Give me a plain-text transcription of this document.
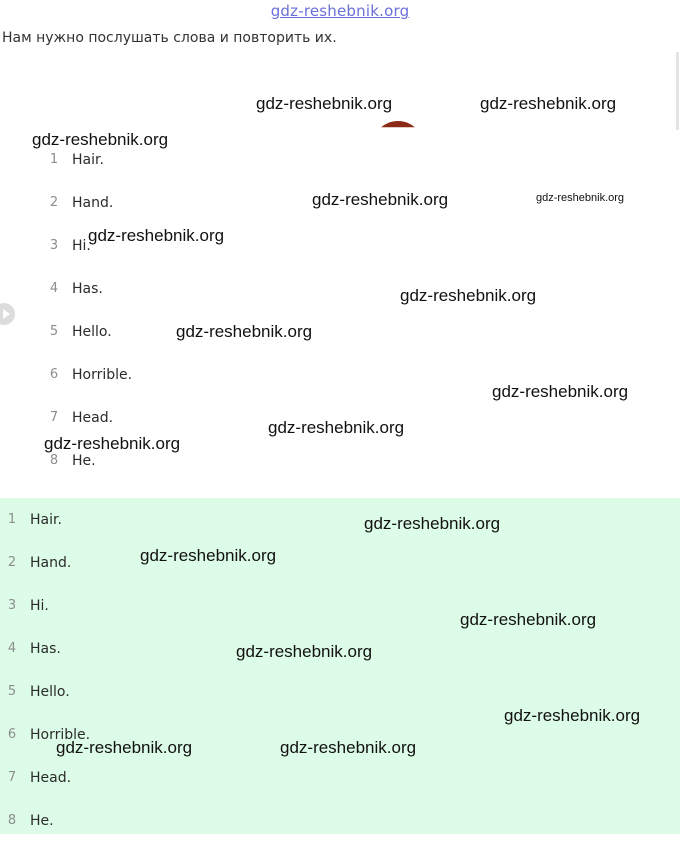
gdz-reshebnik.org
Нам нужно послушать слова и повторить их.
1 Hair.
2 Hand.
3 Hi.
4 Has.
5 Hello.
6 Horrible.
7 Head.
8 He.
1 Hair.
2 Hand.
3 Hi.
4 Has.
5 Hello.
6 Horrible.
7 Head.
8 He.
gdz-reshebnik.org	gdz-reshebnik.org
gdz-reshebnik.org
gdz-reshebnik.org	gdz-reshebnik.org
gdz-reshebnik.org
gdz-reshebnik.org
gdz-reshebnik.org
gdz-reshebnik.org
gdz-reshebnik.org
gdz-reshebnik.org
gdz-reshebnik.org
gdz-reshebnik.org
gdz-reshebnik.org
gdz-reshebnik.org
gdz-reshebnik.org
gdz-reshebnik.org	gdz-reshebnik.org
